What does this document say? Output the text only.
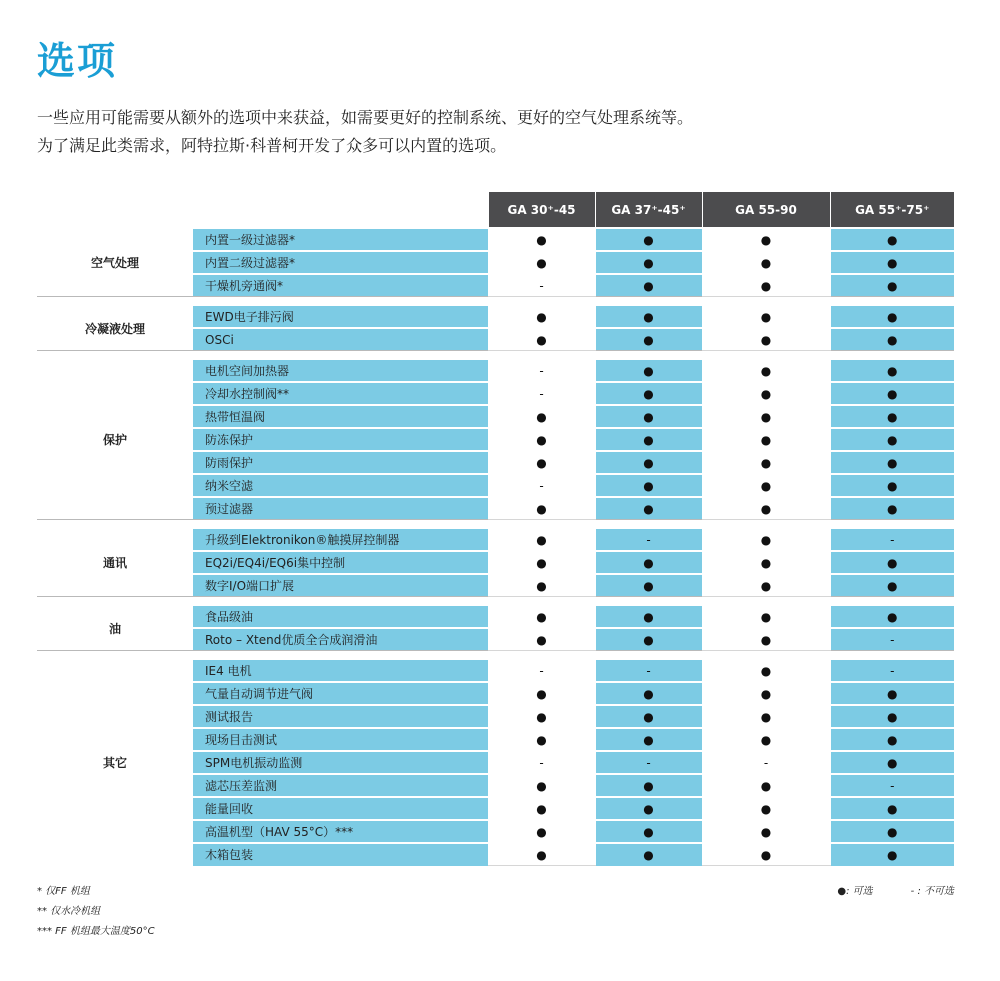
选项
一些应用可能需要从额外的选项中来获益，如需要更好的控制系统、更好的空气处理系统等。
为了满足此类需求，阿特拉斯·科普柯开发了众多可以内置的选项。
		GA 30⁺-45	GA 37⁺-45⁺	GA 55-90	GA 55⁺-75⁺
空气处理	内置一级过滤器*	●	●	●	●
	内置二级过滤器*	●	●	●	●
	干燥机旁通阀*	-	●	●	●

冷凝液处理	EWD电子排污阀	●	●	●	●
	OSCi	●	●	●	●

保护	电机空间加热器	-	●	●	●
	冷却水控制阀**	-	●	●	●
	热带恒温阀	●	●	●	●
	防冻保护	●	●	●	●
	防雨保护	●	●	●	●
	纳米空滤	-	●	●	●
	预过滤器	●	●	●	●

通讯	升级到Elektronikon®触摸屏控制器	●	-	●	-
	EQ2i/EQ4i/EQ6i集中控制	●	●	●	●
	数字I/O端口扩展	●	●	●	●

油	食品级油	●	●	●	●
	Roto – Xtend优质全合成润滑油	●	●	●	-

其它	IE4 电机	-	-	●	-
	气量自动调节进气阀	●	●	●	●
	测试报告	●	●	●	●
	现场目击测试	●	●	●	●
	SPM电机振动监测	-	-	-	●
	滤芯压差监测	●	●	●	-
	能量回收	●	●	●	●
	高温机型（HAV 55°C）***	●	●	●	●
	木箱包装	●	●	●	●
* 仅FF 机组
** 仅水冷机组
*** FF 机组最大温度50°C
●: 可选	- : 不可选
